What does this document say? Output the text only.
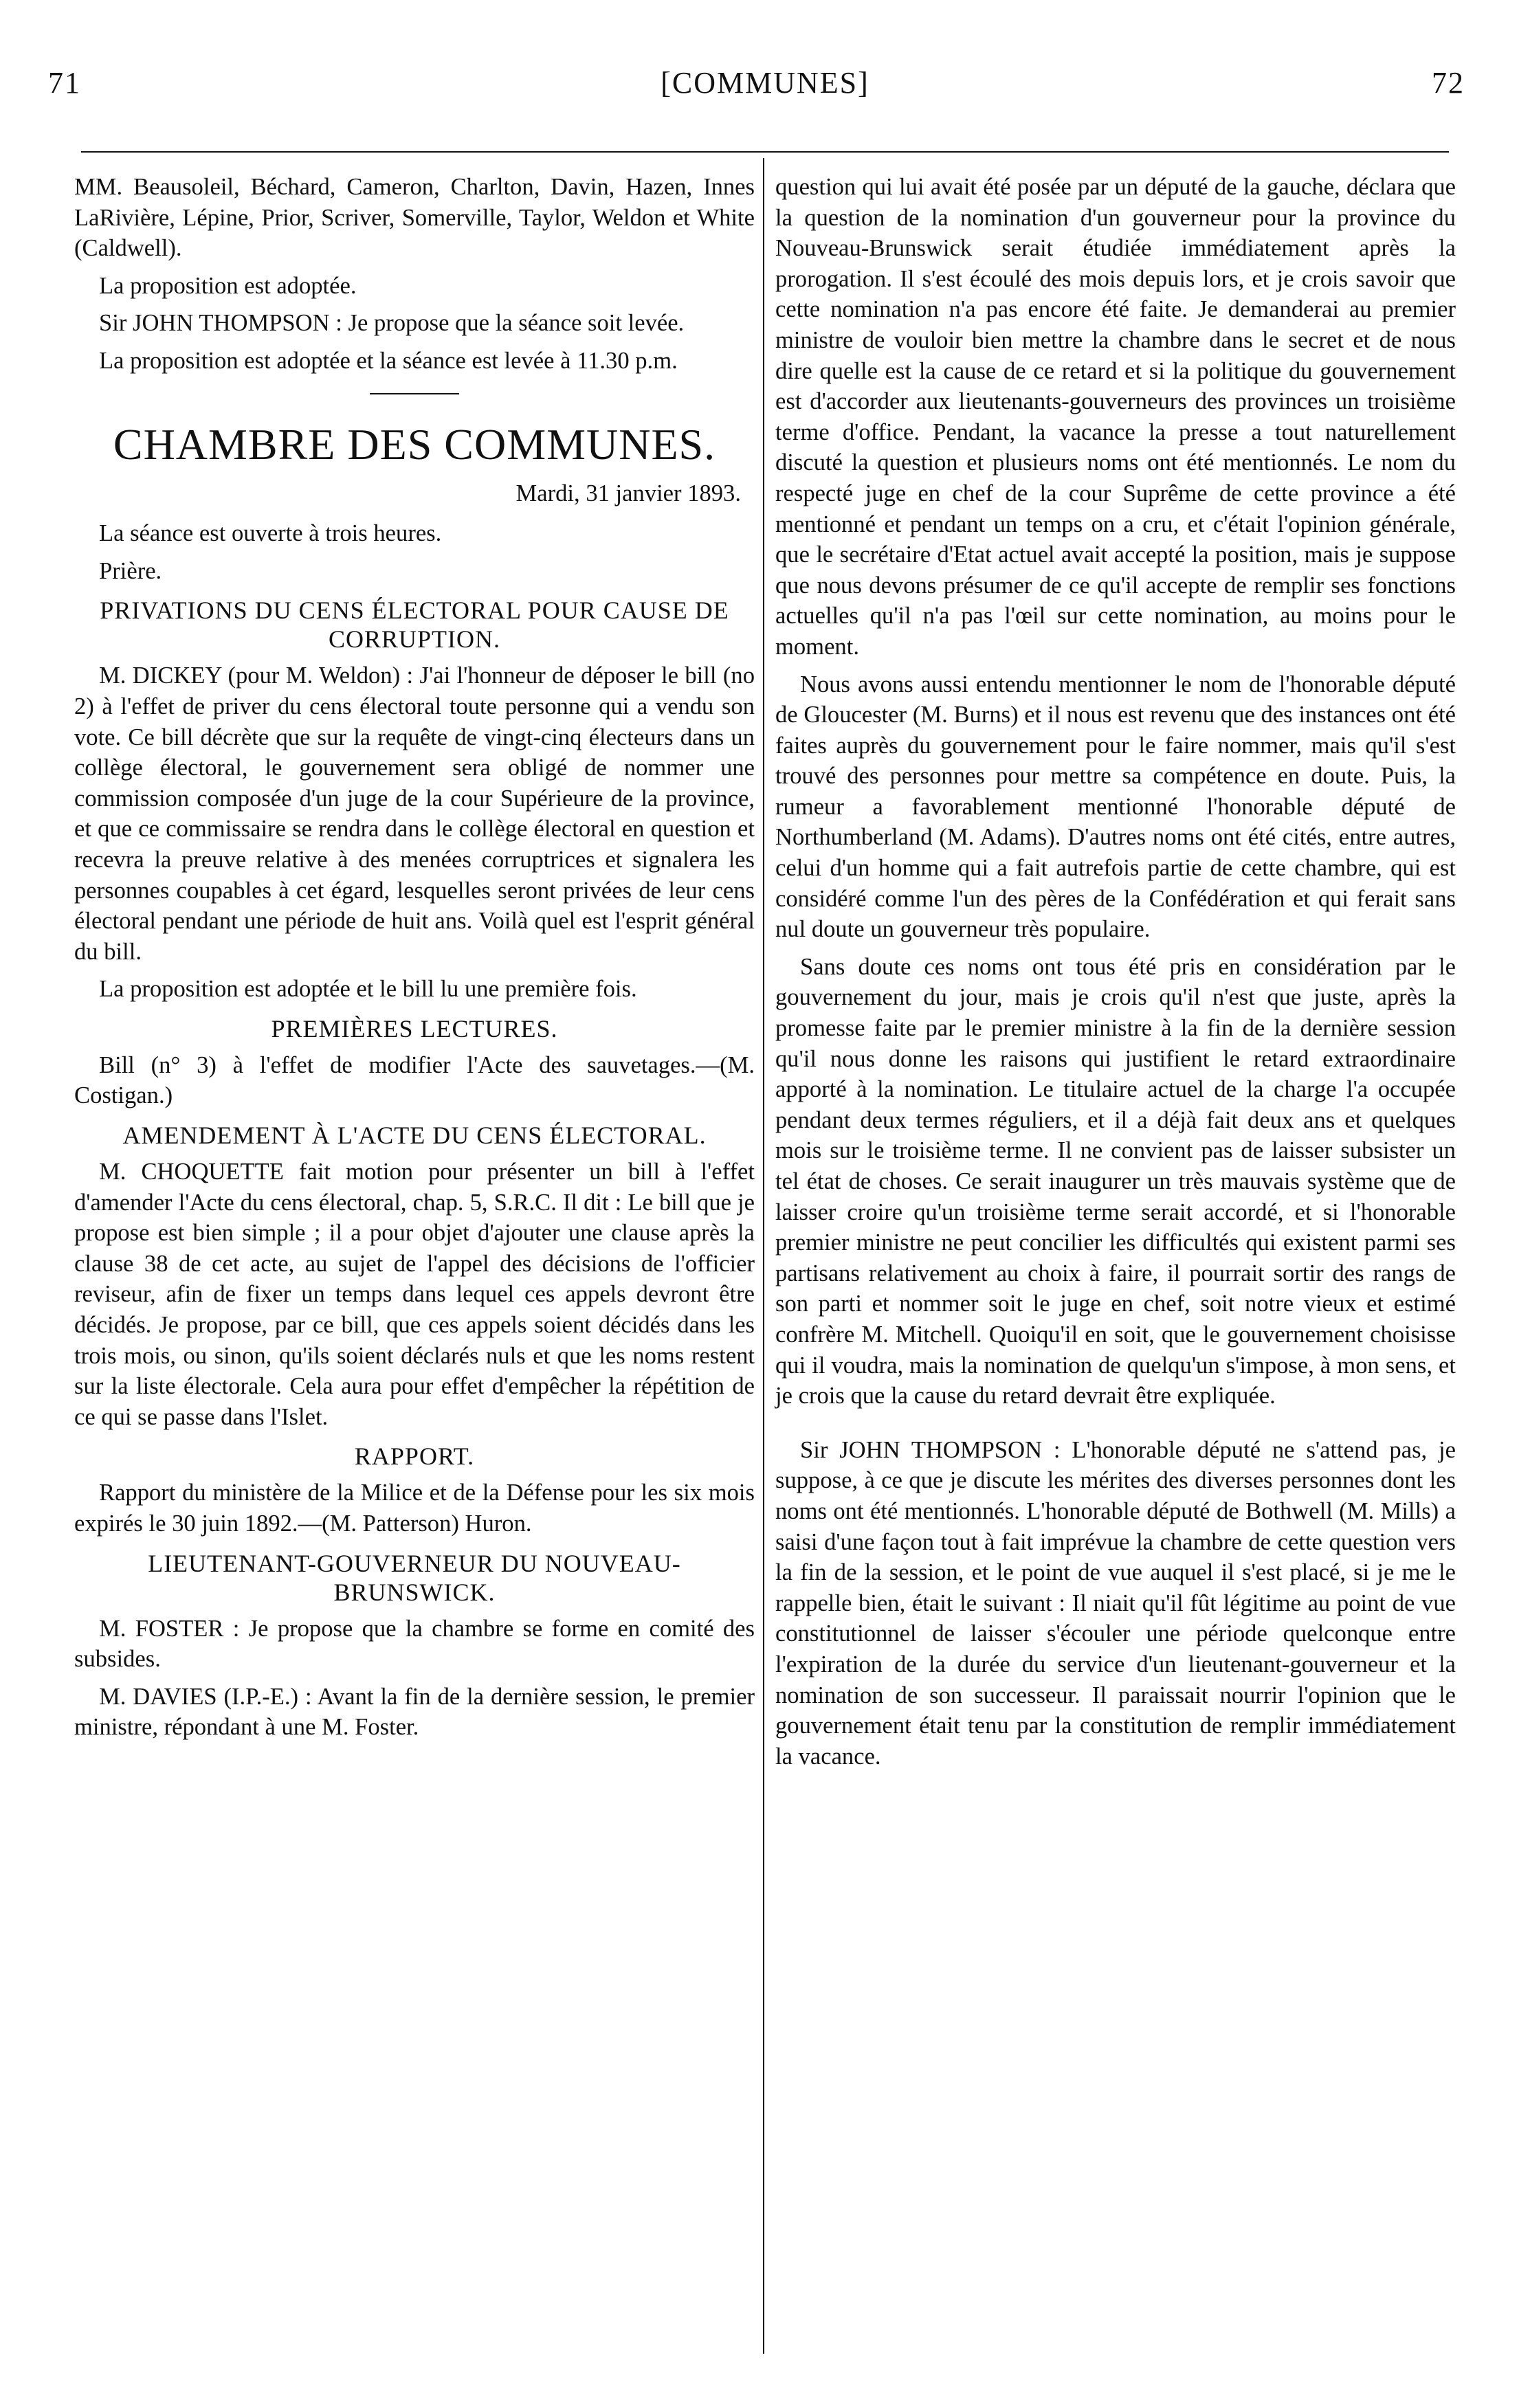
71	[COMMUNES]	72

MM. Beausoleil, Béchard, Cameron, Charlton, Davin, Hazen, Innes LaRivière, Lépine, Prior, Scriver, Somerville, Taylor, Weldon et White (Caldwell).

La proposition est adoptée.

Sir JOHN THOMPSON : Je propose que la séance soit levée.

La proposition est adoptée et la séance est levée à 11.30 p.m.

CHAMBRE DES COMMUNES.
Mardi, 31 janvier 1893.

La séance est ouverte à trois heures.

Prière.

PRIVATIONS DU CENS ÉLECTORAL POUR CAUSE DE CORRUPTION.

M. DICKEY (pour M. Weldon) : J'ai l'honneur de déposer le bill (no 2) à l'effet de priver du cens électoral toute personne qui a vendu son vote. Ce bill décrète que sur la requête de vingt-cinq électeurs dans un collège électoral, le gouvernement sera obligé de nommer une commission composée d'un juge de la cour Supérieure de la province, et que ce commissaire se rendra dans le collège électoral en question et recevra la preuve relative à des menées corruptrices et signalera les personnes coupables à cet égard, lesquelles seront privées de leur cens électoral pendant une période de huit ans. Voilà quel est l'esprit général du bill.

La proposition est adoptée et le bill lu une première fois.

PREMIÈRES LECTURES.

Bill (n° 3) à l'effet de modifier l'Acte des sauvetages.—(M. Costigan.)

AMENDEMENT À L'ACTE DU CENS ÉLECTORAL.

M. CHOQUETTE fait motion pour présenter un bill à l'effet d'amender l'Acte du cens électoral, chap. 5, S.R.C. Il dit : Le bill que je propose est bien simple ; il a pour objet d'ajouter une clause après la clause 38 de cet acte, au sujet de l'appel des décisions de l'officier reviseur, afin de fixer un temps dans lequel ces appels devront être décidés. Je propose, par ce bill, que ces appels soient décidés dans les trois mois, ou sinon, qu'ils soient déclarés nuls et que les noms restent sur la liste électorale. Cela aura pour effet d'empêcher la répétition de ce qui se passe dans l'Islet.

RAPPORT.

Rapport du ministère de la Milice et de la Défense pour les six mois expirés le 30 juin 1892.—(M. Patterson) Huron.

LIEUTENANT-GOUVERNEUR DU NOUVEAU-BRUNSWICK.

M. FOSTER : Je propose que la chambre se forme en comité des subsides.

M. DAVIES (I.P.-E.) : Avant la fin de la dernière session, le premier ministre, répondant à une M. Foster.

question qui lui avait été posée par un député de la gauche, déclara que la question de la nomination d'un gouverneur pour la province du Nouveau-Brunswick serait étudiée immédiatement après la prorogation. Il s'est écoulé des mois depuis lors, et je crois savoir que cette nomination n'a pas encore été faite. Je demanderai au premier ministre de vouloir bien mettre la chambre dans le secret et de nous dire quelle est la cause de ce retard et si la politique du gouvernement est d'accorder aux lieutenants-gouverneurs des provinces un troisième terme d'office. Pendant, la vacance la presse a tout naturellement discuté la question et plusieurs noms ont été mentionnés. Le nom du respecté juge en chef de la cour Suprême de cette province a été mentionné et pendant un temps on a cru, et c'était l'opinion générale, que le secrétaire d'Etat actuel avait accepté la position, mais je suppose que nous devons présumer de ce qu'il accepte de remplir ses fonctions actuelles qu'il n'a pas l'œil sur cette nomination, au moins pour le moment.

Nous avons aussi entendu mentionner le nom de l'honorable député de Gloucester (M. Burns) et il nous est revenu que des instances ont été faites auprès du gouvernement pour le faire nommer, mais qu'il s'est trouvé des personnes pour mettre sa compétence en doute. Puis, la rumeur a favorablement mentionné l'honorable député de Northumberland (M. Adams). D'autres noms ont été cités, entre autres, celui d'un homme qui a fait autrefois partie de cette chambre, qui est considéré comme l'un des pères de la Confédération et qui ferait sans nul doute un gouverneur très populaire.

Sans doute ces noms ont tous été pris en considération par le gouvernement du jour, mais je crois qu'il n'est que juste, après la promesse faite par le premier ministre à la fin de la dernière session qu'il nous donne les raisons qui justifient le retard extraordinaire apporté à la nomination. Le titulaire actuel de la charge l'a occupée pendant deux termes réguliers, et il a déjà fait deux ans et quelques mois sur le troisième terme. Il ne convient pas de laisser subsister un tel état de choses. Ce serait inaugurer un très mauvais système que de laisser croire qu'un troisième terme serait accordé, et si l'honorable premier ministre ne peut concilier les difficultés qui existent parmi ses partisans relativement au choix à faire, il pourrait sortir des rangs de son parti et nommer soit le juge en chef, soit notre vieux et estimé confrère M. Mitchell. Quoiqu'il en soit, que le gouvernement choisisse qui il voudra, mais la nomination de quelqu'un s'impose, à mon sens, et je crois que la cause du retard devrait être expliquée.

Sir JOHN THOMPSON : L'honorable député ne s'attend pas, je suppose, à ce que je discute les mérites des diverses personnes dont les noms ont été mentionnés. L'honorable député de Bothwell (M. Mills) a saisi d'une façon tout à fait imprévue la chambre de cette question vers la fin de la session, et le point de vue auquel il s'est placé, si je me le rappelle bien, était le suivant : Il niait qu'il fût légitime au point de vue constitutionnel de laisser s'écouler une période quelconque entre l'expiration de la durée du service d'un lieutenant-gouverneur et la nomination de son successeur. Il paraissait nourrir l'opinion que le gouvernement était tenu par la constitution de remplir immédiatement la vacance.
